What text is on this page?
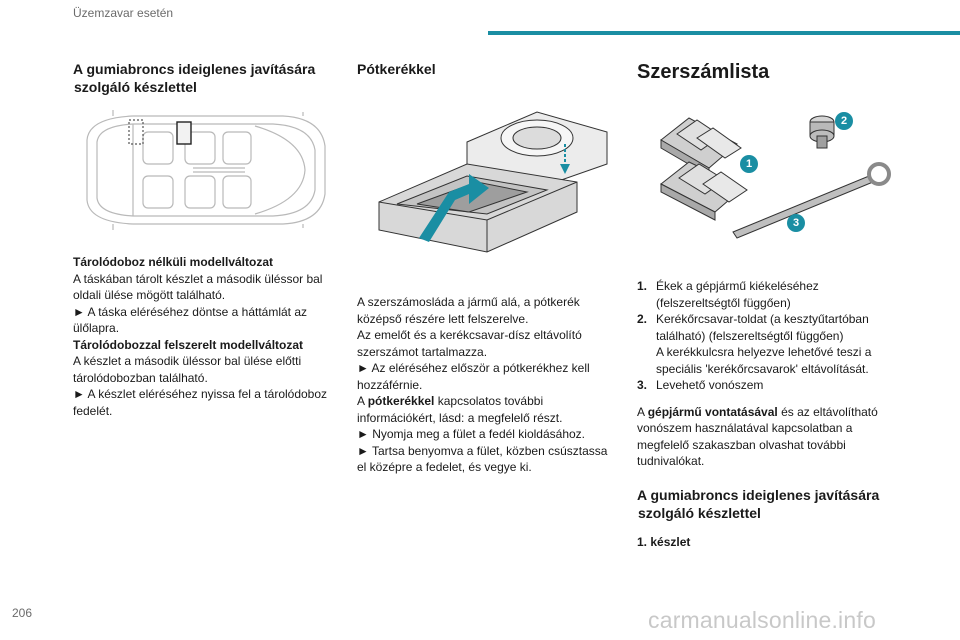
Üzemzavar esetén
A gumiabroncs ideiglenes javítására
szolgáló készlettel

Tárolódoboz nélküli modellváltozat

A táskában tárolt készlet a második üléssor bal oldali ülése mögött található.

► A táska eléréséhez döntse a háttámlát az ülőlapra.

Tárolódobozzal felszerelt modellváltozat

A készlet a második üléssor bal ülése előtti tárolódobozban található.

► A készlet eléréséhez nyissa fel a tárolódoboz fedelét.

Pótkerékkel

A szerszámosláda a jármű alá, a pótkerék középső részére lett felszerelve.

Az emelőt és a kerékcsavar-dísz eltávolító szerszámot tartalmazza.

► Az eléréséhez először a pótkerékhez kell hozzáférnie.

A pótkerékkel kapcsolatos további információkért, lásd: a megfelelő részt.

► Nyomja meg a fület a fedél kioldásához.

► Tartsa benyomva a fület, közben csúsztassa el középre a fedelet, és vegye ki.

Szerszámlista
1
2
3
1. Ékek a gépjármű kiékeléséhez (felszereltségtől függően)
2. Kerékőrcsavar-toldat (a kesztyűtartóban található) (felszereltségtől függően)
A kerékkulcsra helyezve lehetővé teszi a speciális 'kerékőrcsavarok' eltávolítását.
3. Levehető vonószem

A gépjármű vontatásával és az eltávolítható vonószem használatával kapcsolatban a megfelelő szakaszban olvashat további tudnivalókat.

A gumiabroncs ideiglenes javítására
szolgáló készlettel

1. készlet

206	carmanualsonline.info
